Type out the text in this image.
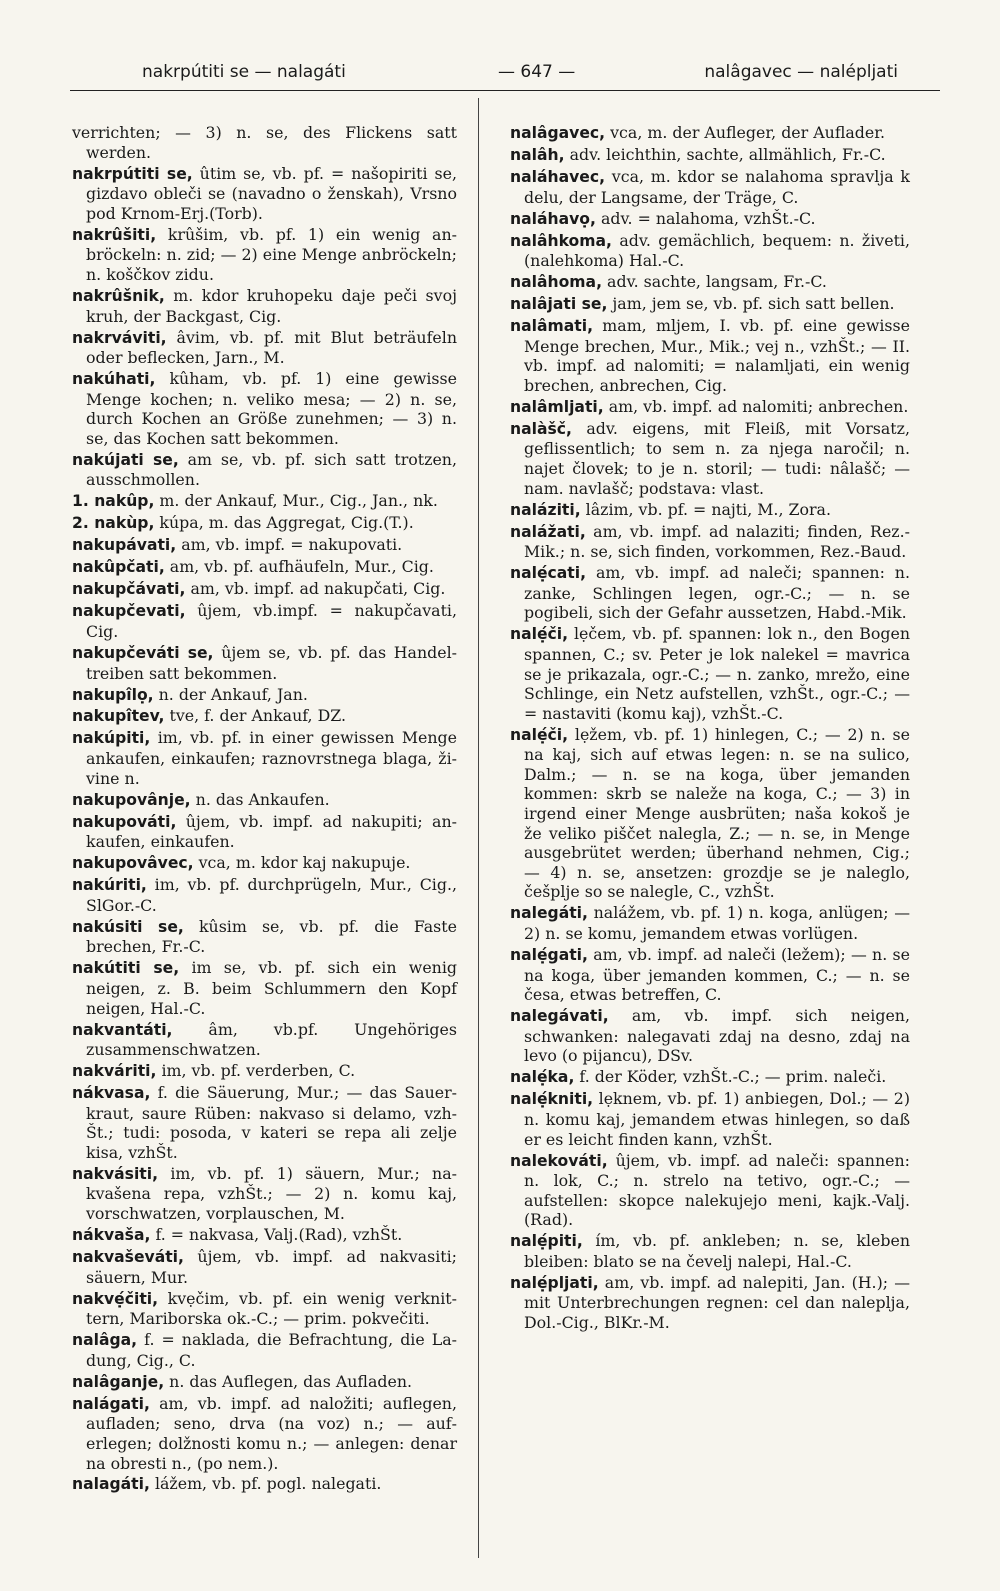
nakrpútiti se — nalagáti	— 647 —	nalâgavec — nalépljati

verrichten; — 3) n. se, des Flickens satt werden.

nakrpútiti se, ûtim se, vb. pf. = našopiriti se, gizdavo obleči se (navadno o ženskah), Vrsno pod Krnom-Erj.(Torb).

nakrûšiti, krûšim, vb. pf. 1) ein wenig anbröckeln: n. zid; — 2) eine Menge anbröckeln; n. koščkov zidu.

nakrûšnik, m. kdor kruhopeku daje peči svoj kruh, der Backgast, Cig.

nakrváviti, âvim, vb. pf. mit Blut beträufeln oder beflecken, Jarn., M.

nakúhati, kûham, vb. pf. 1) eine gewisse Menge kochen; n. veliko mesa; — 2) n. se, durch Kochen an Größe zunehmen; — 3) n. se, das Kochen satt bekommen.

nakújati se, am se, vb. pf. sich satt trotzen, ausschmollen.

1. nakûp, m. der Ankauf, Mur., Cig., Jan., nk.

2. nakùp, kúpa, m. das Aggregat, Cig.(T.).

nakupávati, am, vb. impf. = nakupovati.

nakûpčati, am, vb. pf. aufhäufeln, Mur., Cig.

nakupčávati, am, vb. impf. ad nakupčati, Cig.

nakupčevati, ûjem, vb.impf. = nakupčavati, Cig.

nakupčeváti se, ûjem se, vb. pf. das Handeltreiben satt bekommen.

nakupîlọ, n. der Ankauf, Jan.

nakupîtev, tve, f. der Ankauf, DZ.

nakúpiti, im, vb. pf. in einer gewissen Menge ankaufen, einkaufen; raznovrstnega blaga, živine n.

nakupovânje, n. das Ankaufen.

nakupováti, ûjem, vb. impf. ad nakupiti; ankaufen, einkaufen.

nakupovâvec, vca, m. kdor kaj nakupuje.

nakúriti, im, vb. pf. durchprügeln, Mur., Cig., SlGor.-C.

nakúsiti se, kûsim se, vb. pf. die Faste brechen, Fr.-C.

nakútiti se, im se, vb. pf. sich ein wenig neigen, z. B. beim Schlummern den Kopf neigen, Hal.-C.

nakvantáti, âm, vb.pf. Ungehöriges zusammenschwatzen.

nakváriti, im, vb. pf. verderben, C.

nákvasa, f. die Säuerung, Mur.; — das Sauerkraut, saure Rüben: nakvaso si delamo, vzhŠt.; tudi: posoda, v kateri se repa ali zelje kisa, vzhŠt.

nakvásiti, im, vb. pf. 1) säuern, Mur.; nakvašena repa, vzhŠt.; — 2) n. komu kaj, vorschwatzen, vorplauschen, M.

nákvaša, f. = nakvasa, Valj.(Rad), vzhŠt.

nakvaševáti, ûjem, vb. impf. ad nakvasiti; säuern, Mur.

nakvẹ́čiti, kvẹčim, vb. pf. ein wenig verknittern, Mariborska ok.-C.; — prim. pokvečiti.

nalâga, f. = naklada, die Befrachtung, die Ladung, Cig., C.

nalâganje, n. das Auflegen, das Aufladen.

nalágati, am, vb. impf. ad naložiti; auflegen, aufladen; seno, drva (na voz) n.; — auferlegen; dolžnosti komu n.; — anlegen: denar na obresti n., (po nem.).

nalagáti, lážem, vb. pf. pogl. nalegati.

nalâgavec, vca, m. der Aufleger, der Auflader.

nalâh, adv. leichthin, sachte, allmählich, Fr.-C.

naláhavec, vca, m. kdor se nalahoma spravlja k delu, der Langsame, der Träge, C.

naláhavọ, adv. = nalahoma, vzhŠt.-C.

nalâhkoma, adv. gemächlich, bequem: n. živeti, (nalehkoma) Hal.-C.

nalâhoma, adv. sachte, langsam, Fr.-C.

nalâjati se, jam, jem se, vb. pf. sich satt bellen.

nalâmati, mam, mljem, I. vb. pf. eine gewisse Menge brechen, Mur., Mik.; vej n., vzhŠt.; — II. vb. impf. ad nalomiti; = nalamljati, ein wenig brechen, anbrechen, Cig.

nalâmljati, am, vb. impf. ad nalomiti; anbrechen.

nalàšč, adv. eigens, mit Fleiß, mit Vorsatz, geflissentlich; to sem n. za njega naročil; n. najet človek; to je n. storil; — tudi: nâlašč; — nam. navlašč; podstava: vlast.

naláziti, lâzim, vb. pf. = najti, M., Zora.

nalážati, am, vb. impf. ad nalaziti; finden, Rez.-Mik.; n. se, sich finden, vorkommen, Rez.-Baud.

nalẹ́cati, am, vb. impf. ad naleči; spannen: n. zanke, Schlingen legen, ogr.-C.; — n. se pogibeli, sich der Gefahr aussetzen, Habd.-Mik.

nalẹ́či, lẹčem, vb. pf. spannen: lok n., den Bogen spannen, C.; sv. Peter je lok nalekel = mavrica se je prikazala, ogr.-C.; — n. zanko, mrežo, eine Schlinge, ein Netz aufstellen, vzhŠt., ogr.-C.; — = nastaviti (komu kaj), vzhŠt.-C.

nalẹ́či, lẹžem, vb. pf. 1) hinlegen, C.; — 2) n. se na kaj, sich auf etwas legen: n. se na sulico, Dalm.; — n. se na koga, über jemanden kommen: skrb se naleže na koga, C.; — 3) in irgend einer Menge ausbrüten; naša kokoš je že veliko piščet nalegla, Z.; — n. se, in Menge ausgebrütet werden; überhand nehmen, Cig.; — 4) n. se, ansetzen: grozdje se je naleglo, češplje so se nalegle, C., vzhŠt.

nalegáti, nalážem, vb. pf. 1) n. koga, anlügen; — 2) n. se komu, jemandem etwas vorlügen.

nalẹ́gati, am, vb. impf. ad naleči (ležem); — n. se na koga, über jemanden kommen, C.; — n. se česa, etwas betreffen, C.

nalegávati, am, vb. impf. sich neigen, schwanken: nalegavati zdaj na desno, zdaj na levo (o pijancu), DSv.

nalẹ́ka, f. der Köder, vzhŠt.-C.; — prim. naleči.

nalẹ́kniti, lẹknem, vb. pf. 1) anbiegen, Dol.; — 2) n. komu kaj, jemandem etwas hinlegen, so daß er es leicht finden kann, vzhŠt.

nalekováti, ûjem, vb. impf. ad naleči: spannen: n. lok, C.; n. strelo na tetivo, ogr.-C.; — aufstellen: skopce nalekujejo meni, kajk.-Valj.(Rad).

nalẹ́piti, ím, vb. pf. ankleben; n. se, kleben bleiben: blato se na čevelj nalepi, Hal.-C.

nalẹ́pljati, am, vb. impf. ad nalepiti, Jan. (H.); — mit Unterbrechungen regnen: cel dan naleplja, Dol.-Cig., BlKr.-M.
